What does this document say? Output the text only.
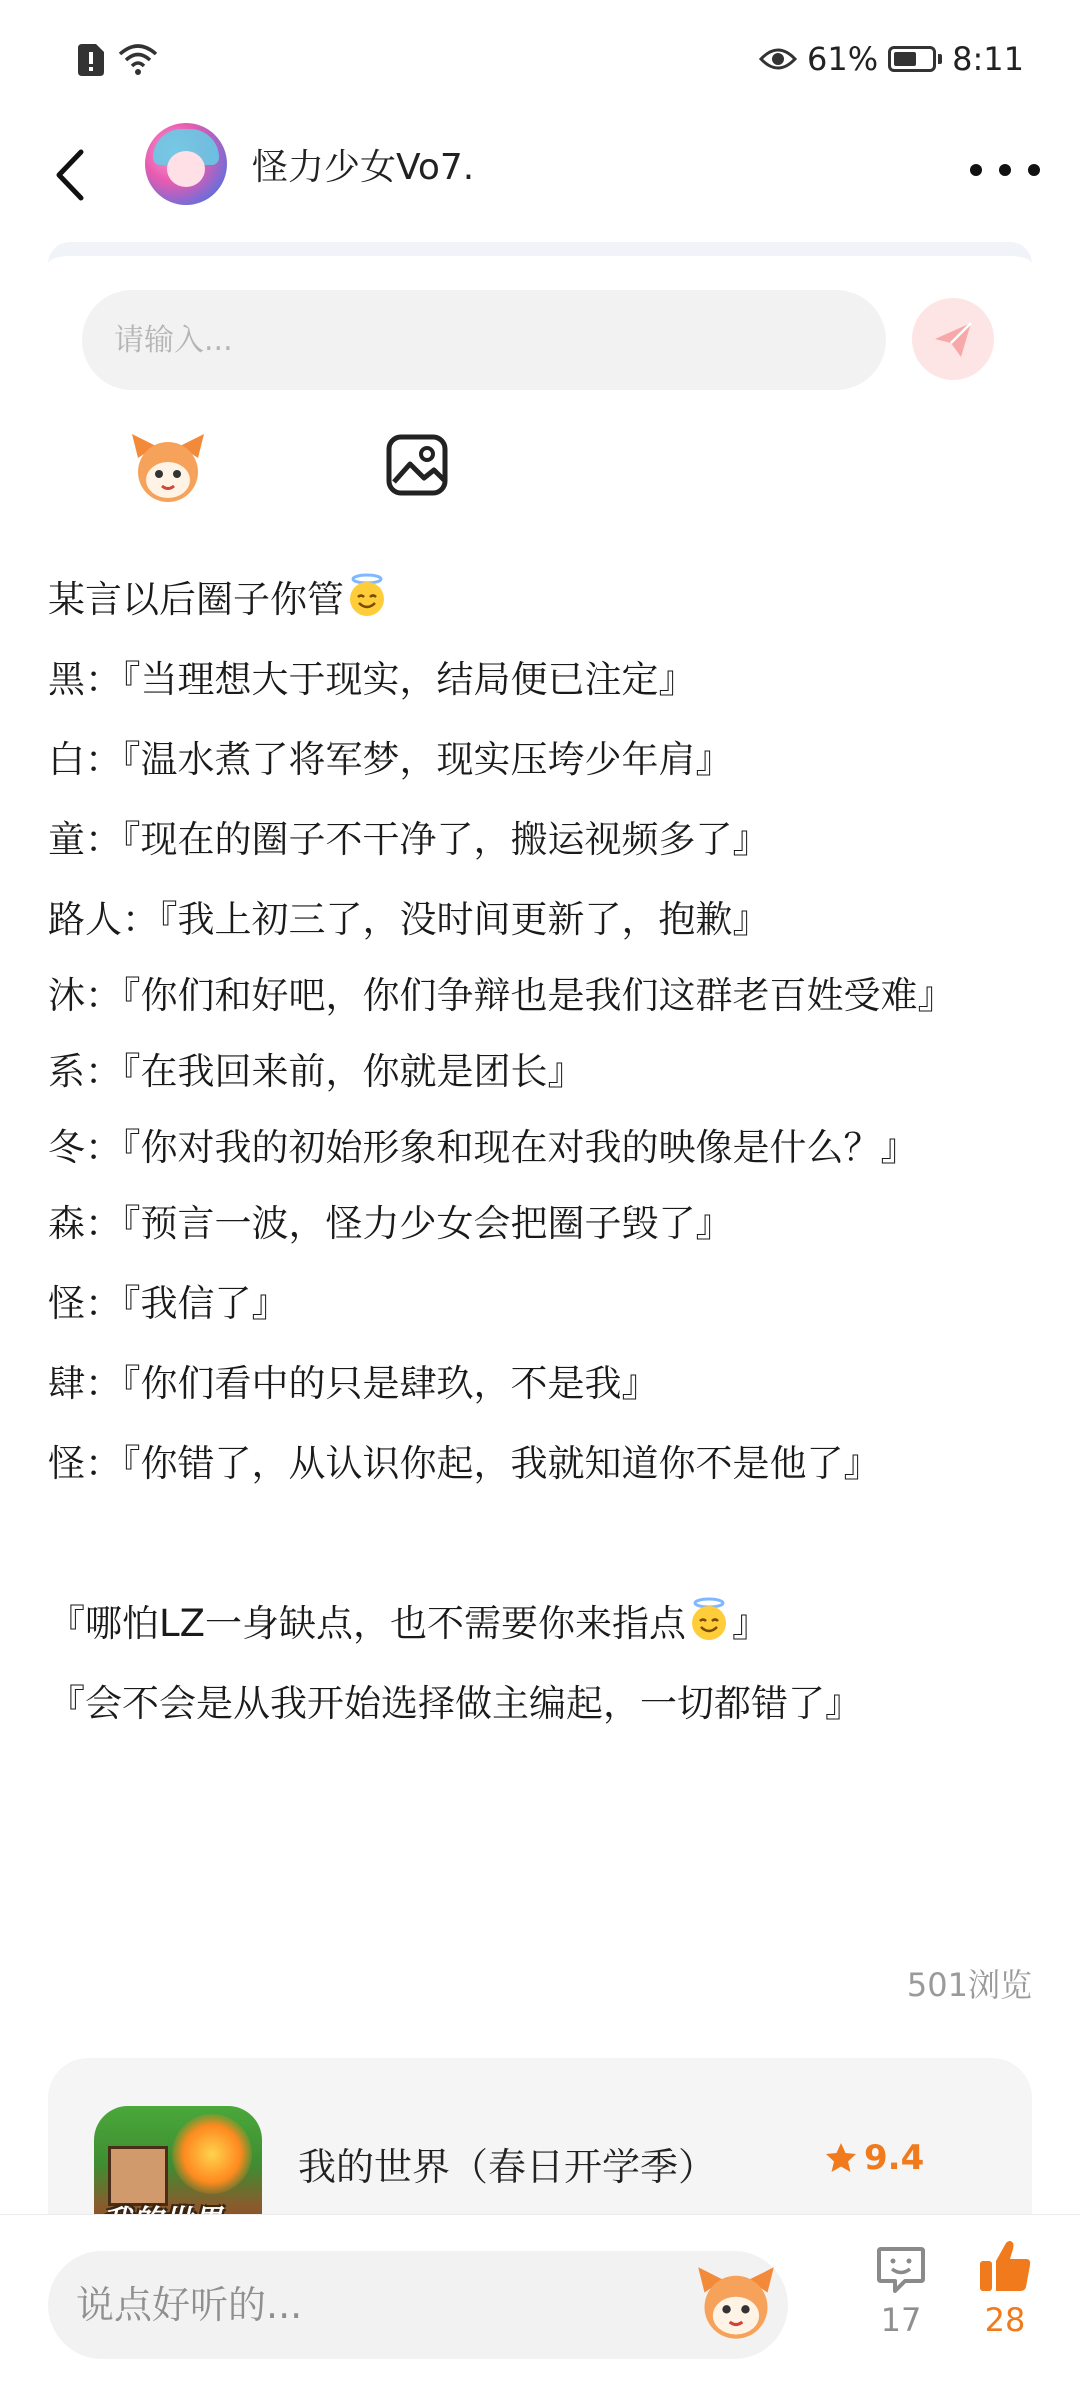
61% 8:11
怪力少女Vo7.
请输入...
某言以后圈子你管
黑：『当理想大于现实，结局便已注定』
白：『温水煮了将军梦，现实压垮少年肩』
童：『现在的圈子不干净了，搬运视频多了』
路人：『我上初三了，没时间更新了，抱歉』
沐：『你们和好吧，你们争辩也是我们这群老百姓受难』
系：『在我回来前，你就是团长』
冬：『你对我的初始形象和现在对我的映像是什么？』
森：『预言一波，怪力少女会把圈子毁了』
怪：『我信了』
肆：『你们看中的只是肆玖，不是我』
怪：『你错了，从认识你起，我就知道你不是他了』
『哪怕LZ一身缺点，也不需要你来指点 』
『会不会是从我开始选择做主编起，一切都错了』
501浏览
我的世界（春日开学季）	9.4
说点好听的...
17 28
